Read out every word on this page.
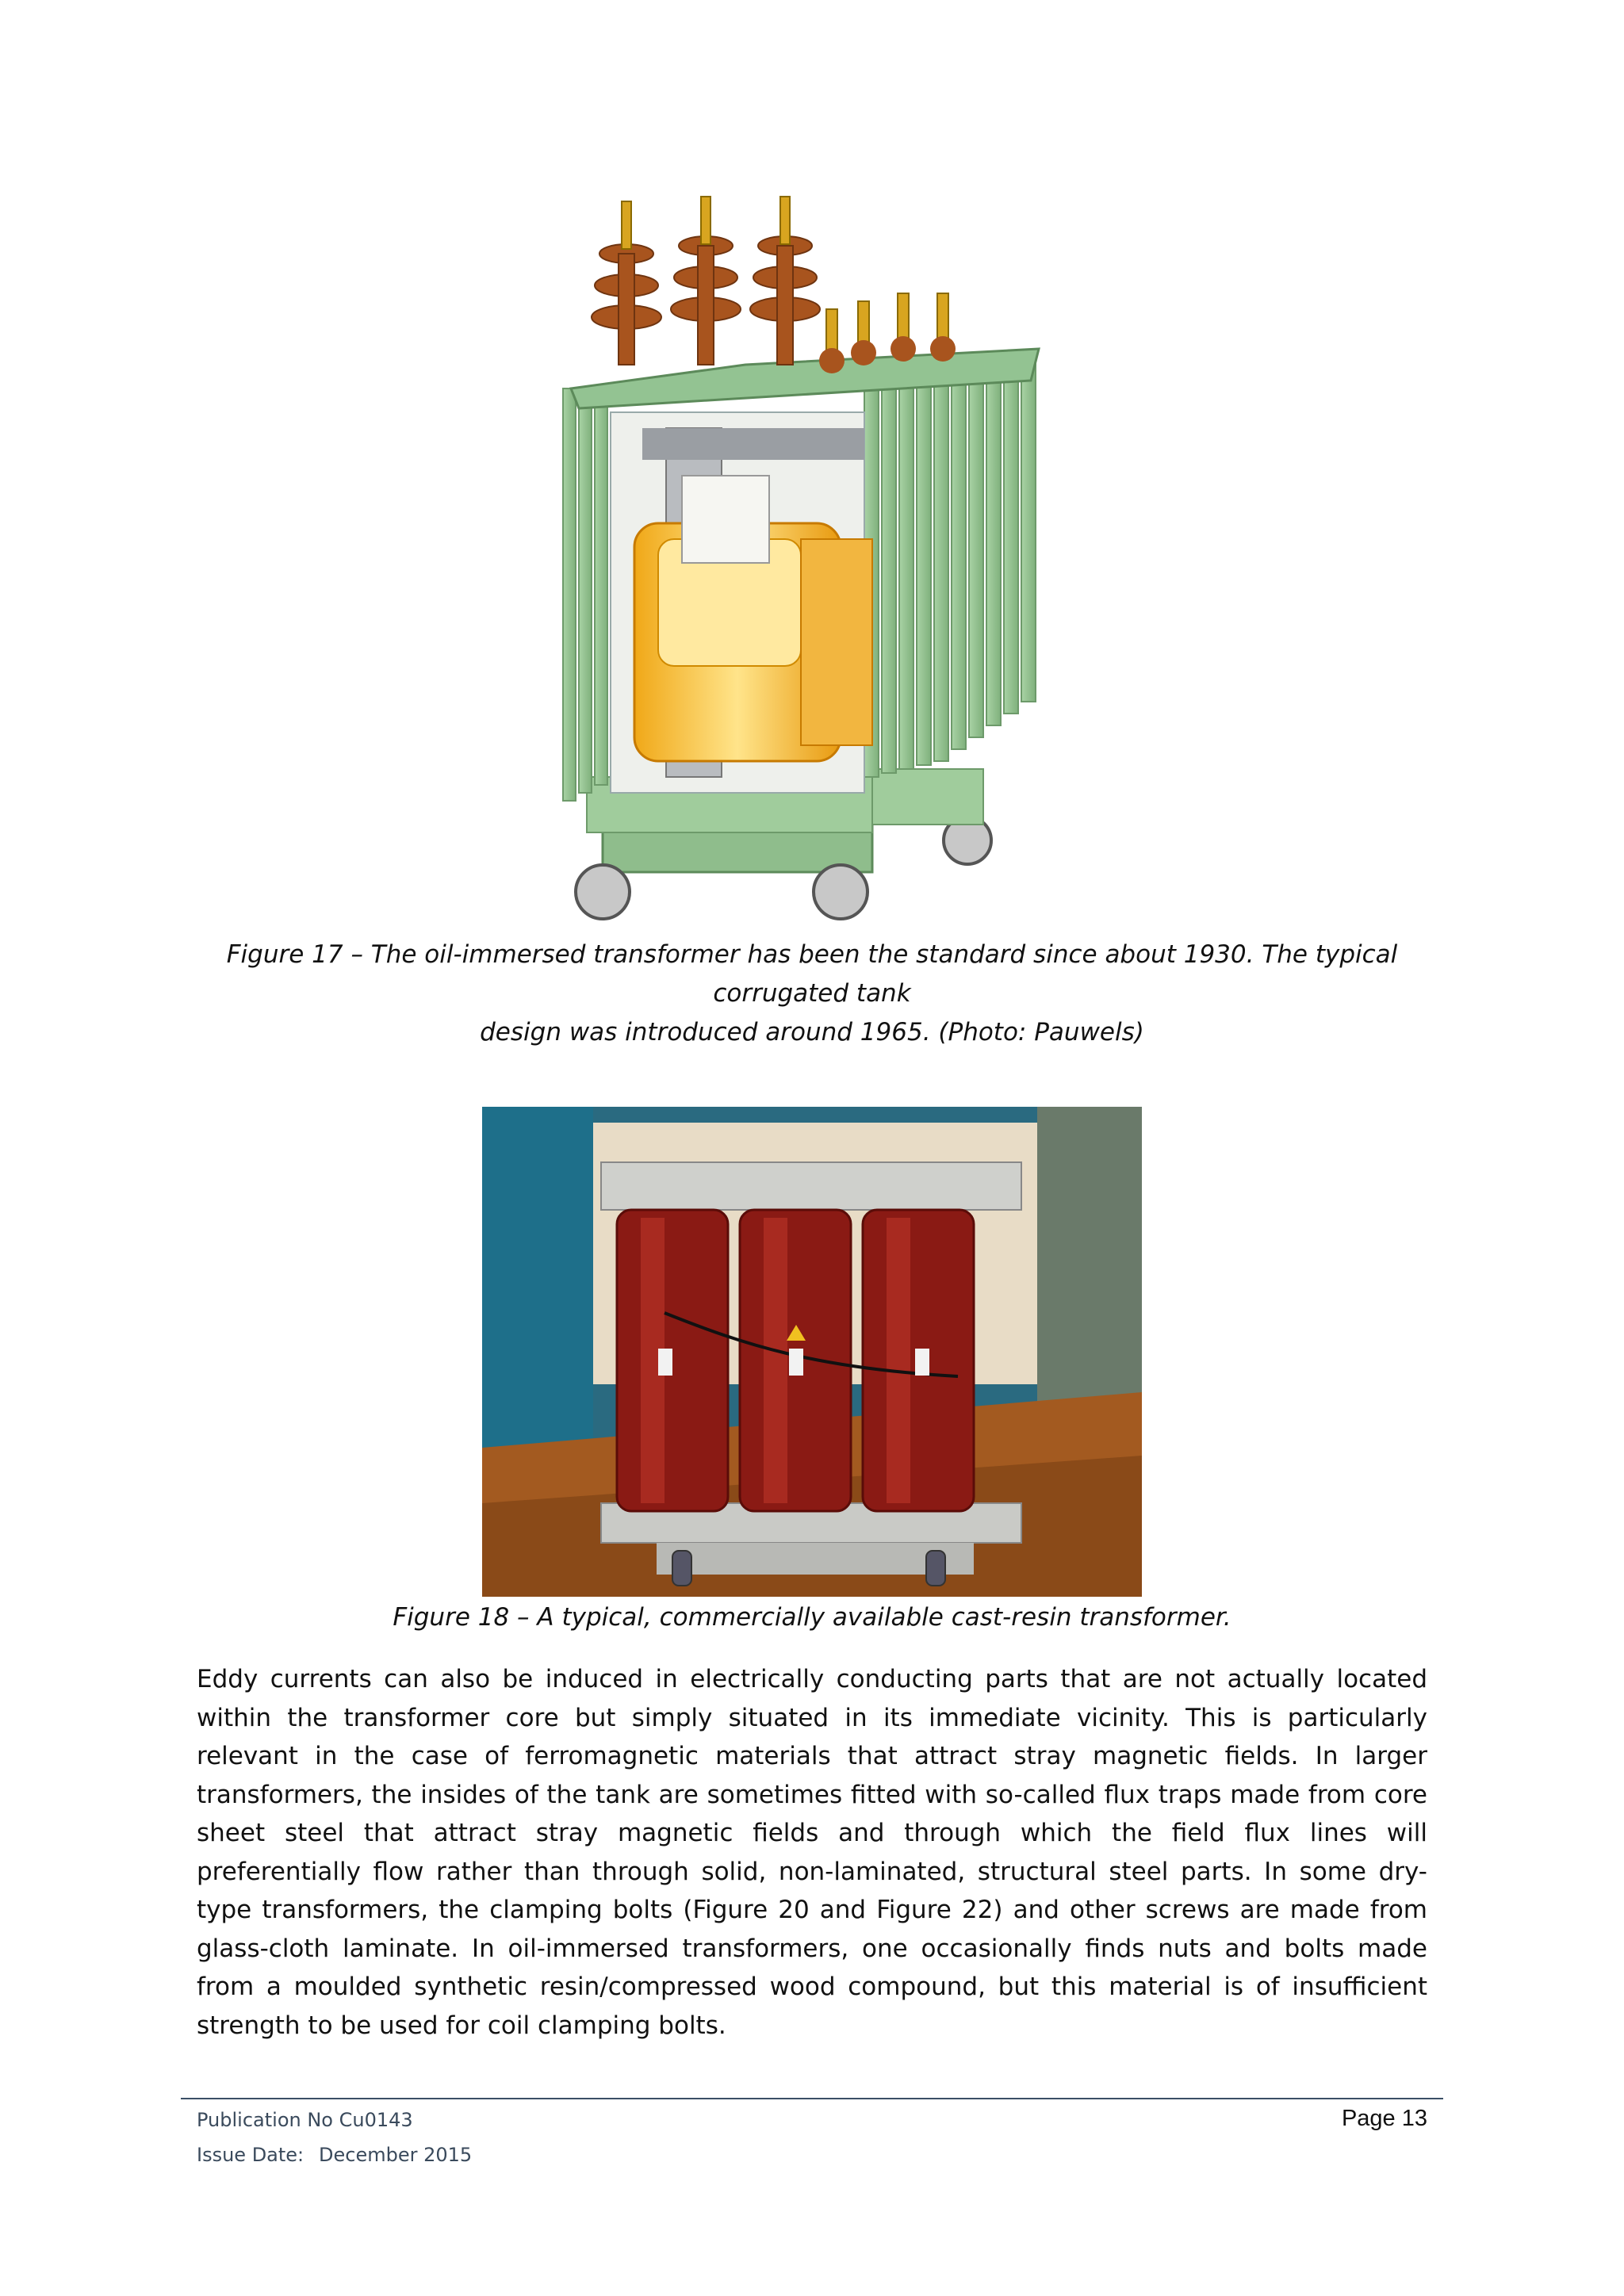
Figure 17 – The oil-immersed transformer has been the standard since about 1930. The typical corrugated tank
design was introduced around 1965. (Photo: Pauwels)
Figure 18 – A typical, commercially available cast-resin transformer.
Eddy currents can also be induced in electrically conducting parts that are not actually located within the transformer core but simply situated in its immediate vicinity. This is particularly relevant in the case of ferromagnetic materials that attract stray magnetic fields. In larger transformers, the insides of the tank are sometimes fitted with so-called flux traps made from core sheet steel that attract stray magnetic fields and through which the field flux lines will preferentially flow rather than through solid, non-laminated, structural steel parts. In some dry-type transformers, the clamping bolts (Figure 20 and Figure 22) and other screws are made from glass-cloth laminate. In oil-immersed transformers, one occasionally finds nuts and bolts made from a moulded synthetic resin/compressed wood compound, but this material is of insufficient strength to be used for coil clamping bolts.
Publication No Cu0143	Page 13
Issue Date: December 2015
